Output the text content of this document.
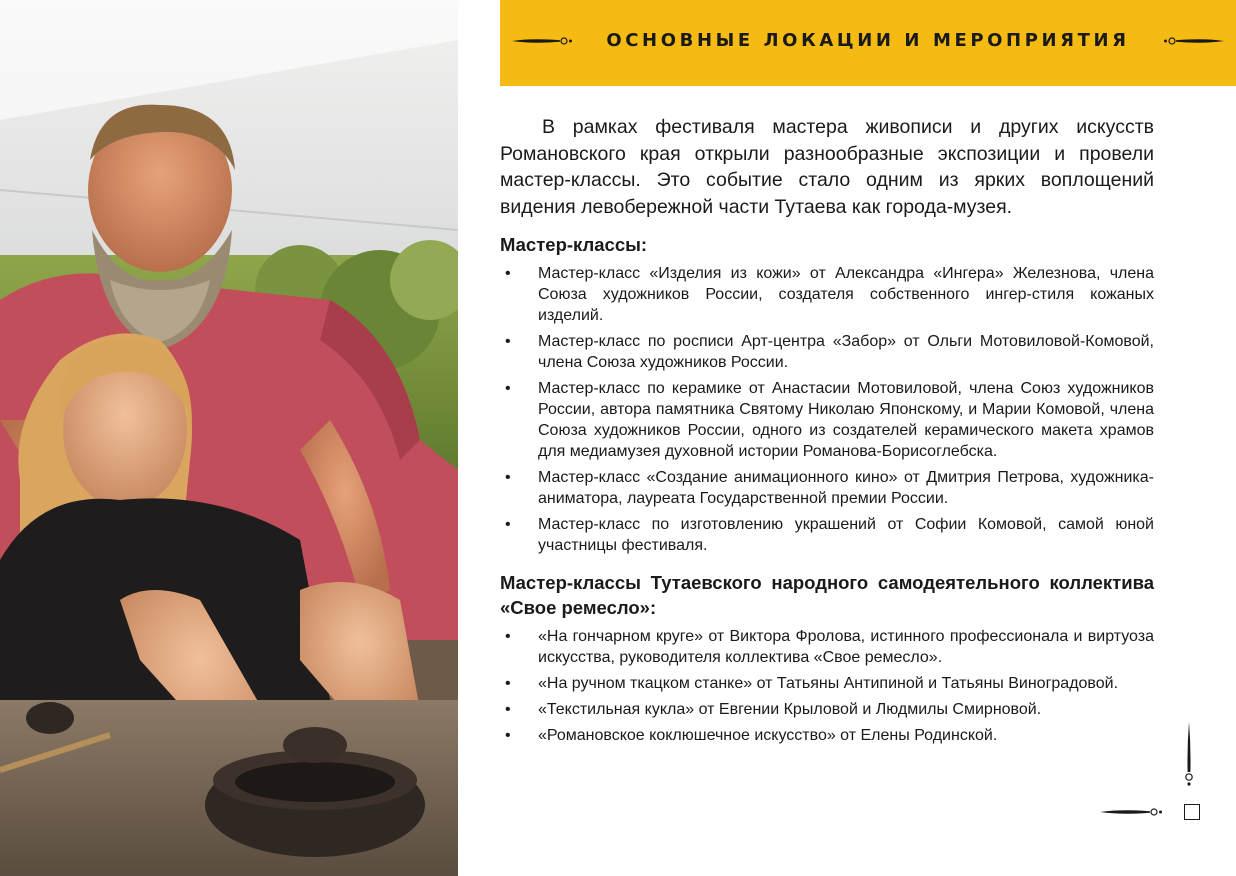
ОСНОВНЫЕ ЛОКАЦИИ И МЕРОПРИЯТИЯ

В рамках фестиваля мастера живописи и других искусств Романовского края открыли разнообразные экспозиции и провели мастер-классы. Это событие стало одним из ярких воплощений видения левобережной части Тутаева как города-музея.

Мастер-классы:
• Мастер-класс «Изделия из кожи» от Александра «Ингера» Железнова, члена Союза художников России, создателя собственного ингер-стиля кожаных изделий.
• Мастер-класс по росписи Арт-центра «Забор» от Ольги Мотовиловой-Комовой, члена Союза художников России.
• Мастер-класс по керамике от Анастасии Мотовиловой, члена Союз художников России, автора памятника Святому Николаю Японскому, и Марии Комовой, члена Союза художников России, одного из создателей керамического макета храмов для медиамузея духовной истории Романова-Борисоглебска.
• Мастер-класс «Создание анимационного кино» от Дмитрия Петрова, художника-аниматора, лауреата Государственной премии России.
• Мастер-класс по изготовлению украшений от Софии Комовой, самой юной участницы фестиваля.
Мастер-классы Тутаевского народного самодеятельного коллектива «Свое ремесло»:
• «На гончарном круге» от Виктора Фролова, истинного профессионала и виртуоза искусства, руководителя коллектива «Свое ремесло».
• «На ручном ткацком станке» от Татьяны Антипиной и Татьяны Виноградовой.
• «Текстильная кукла» от Евгении Крыловой и Людмилы Смирновой.
• «Романовское коклюшечное искусство» от Елены Родинской.
